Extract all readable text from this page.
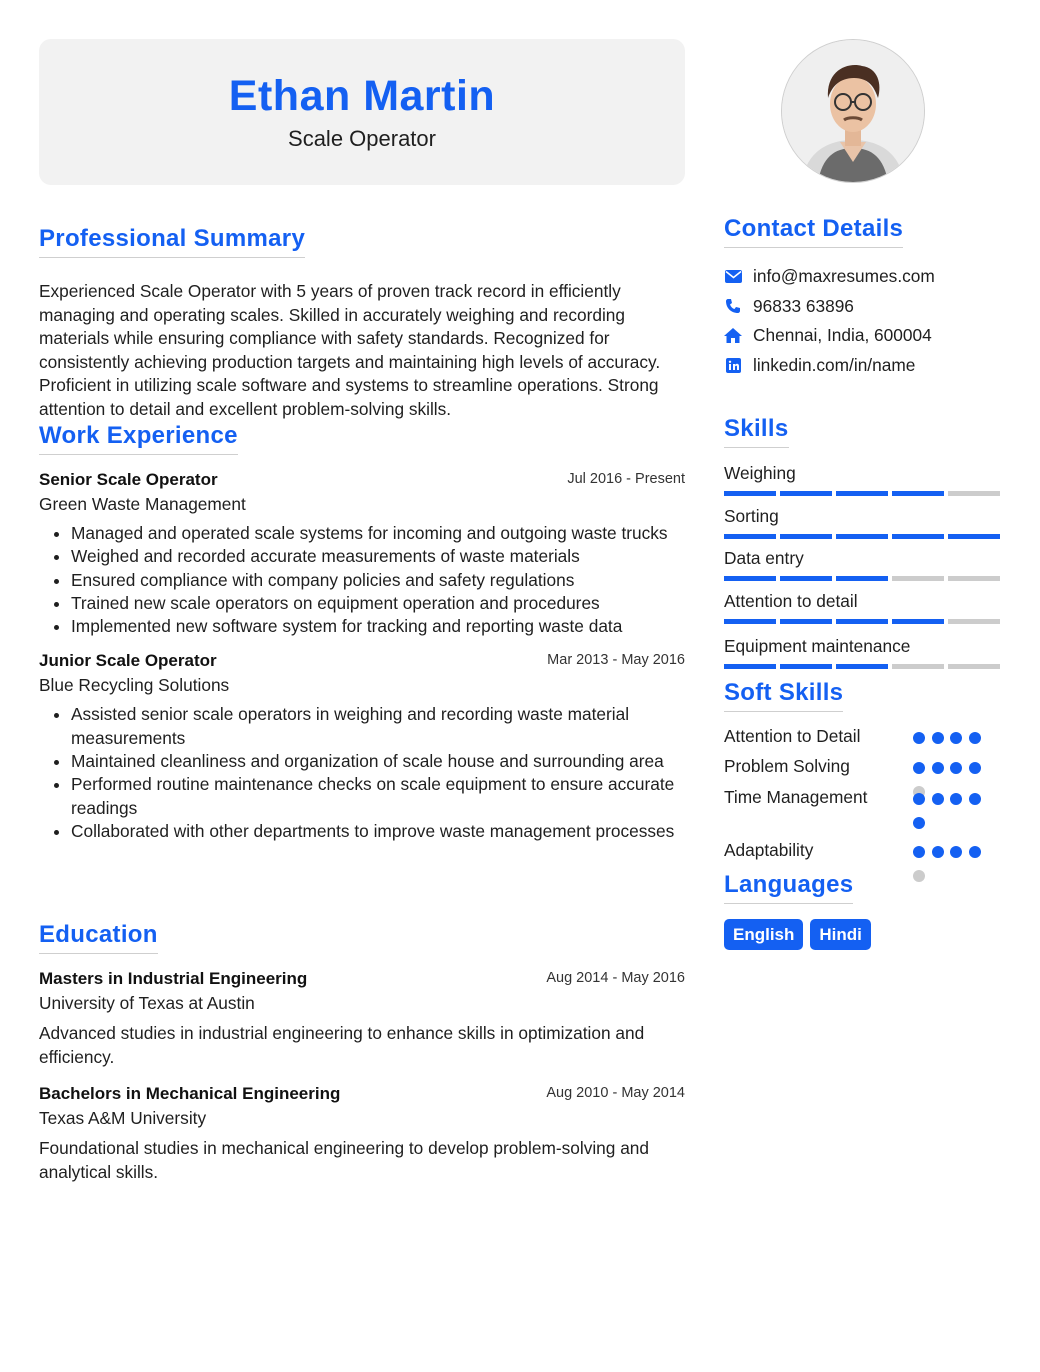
Ethan Martin
Scale Operator
Professional Summary

Experienced Scale Operator with 5 years of proven track record in efficiently managing and operating scales. Skilled in accurately weighing and recording materials while ensuring compliance with safety standards. Recognized for consistently achieving production targets and maintaining high levels of accuracy. Proficient in utilizing scale software and systems to streamline operations. Strong attention to detail and excellent problem-solving skills.

Work Experience
Senior Scale Operator	Jul 2016 - Present
Green Waste Management
• Managed and operated scale systems for incoming and outgoing waste trucks
• Weighed and recorded accurate measurements of waste materials
• Ensured compliance with company policies and safety regulations
• Trained new scale operators on equipment operation and procedures
• Implemented new software system for tracking and reporting waste data
Junior Scale Operator	Mar 2013 - May 2016
Blue Recycling Solutions
• Assisted senior scale operators in weighing and recording waste material measurements
• Maintained cleanliness and organization of scale house and surrounding area
• Performed routine maintenance checks on scale equipment to ensure accurate readings
• Collaborated with other departments to improve waste management processes
Education
Masters in Industrial Engineering	Aug 2014 - May 2016
University of Texas at Austin

Advanced studies in industrial engineering to enhance skills in optimization and efficiency.

Bachelors in Mechanical Engineering	Aug 2010 - May 2014
Texas A&M University

Foundational studies in mechanical engineering to develop problem-solving and analytical skills.

Contact Details
info@maxresumes.com
96833 63896
Chennai, India, 600004
linkedin.com/in/name
Skills
Weighing
Sorting
Data entry
Attention to detail
Equipment maintenance
Soft Skills
Attention to Detail
Problem Solving
Time Management
Adaptability
Languages
English	Hindi
